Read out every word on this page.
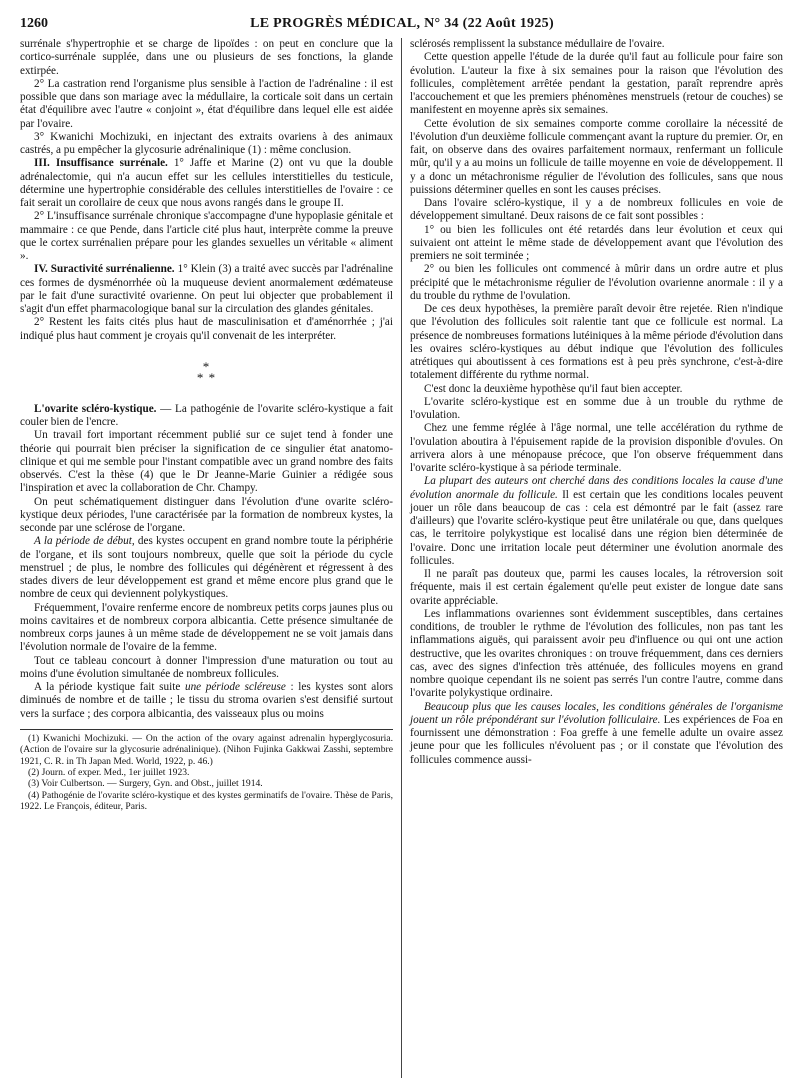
1260	LE PROGRÈS MÉDICAL, N° 34 (22 Août 1925)

surrénale s'hypertrophie et se charge de lipoïdes : on peut en conclure que la cortico-surrénale supplée, dans une ou plusieurs de ses fonctions, la glande extirpée.

2° La castration rend l'organisme plus sensible à l'action de l'adrénaline : il est possible que dans son mariage avec la médullaire, la corticale soit dans un certain état d'équilibre avec l'autre « conjoint », état d'équilibre dans lequel elle est aidée par l'ovaire.

3° Kwanichi Mochizuki, en injectant des extraits ovariens à des animaux castrés, a pu empêcher la glycosurie adrénalinique (1) : même conclusion.

III. Insuffisance surrénale. 1° Jaffe et Marine (2) ont vu que la double adrénalectomie, qui n'a aucun effet sur les cellules interstitielles du testicule, détermine une hypertrophie considérable des cellules interstitielles de l'ovaire : ce fait serait un corollaire de ceux que nous avons rangés dans le groupe II.

2° L'insuffisance surrénale chronique s'accompagne d'une hypoplasie génitale et mammaire : ce que Pende, dans l'article cité plus haut, interprète comme la preuve que le cortex surrénalien prépare pour les glandes sexuelles un véritable « aliment ».

IV. Suractivité surrénalienne. 1° Klein (3) a traité avec succès par l'adrénaline ces formes de dysménorrhée où la muqueuse devient anormalement œdémateuse par le fait d'une suractivité ovarienne. On peut lui objecter que probablement il s'agit d'un effet pharmacologique banal sur la circulation des glandes génitales.

2° Restent les faits cités plus haut de masculinisation et d'aménorrhée ; j'ai indiqué plus haut comment je croyais qu'il convenait de les interpréter.

*
* *

L'ovarite scléro-kystique. — La pathogénie de l'ovarite scléro-kystique a fait couler bien de l'encre.

Un travail fort important récemment publié sur ce sujet tend à fonder une théorie qui pourrait bien préciser la signification de ce singulier état anatomo-clinique et qui me semble pour l'instant compatible avec un grand nombre des faits observés. C'est la thèse (4) que le Dr Jeanne-Marie Guinier a rédigée sous l'inspiration et avec la collaboration de Chr. Champy.

On peut schématiquement distinguer dans l'évolution d'une ovarite scléro-kystique deux périodes, l'une caractérisée par la formation de nombreux kystes, la seconde par une sclérose de l'organe.

A la période de début, des kystes occupent en grand nombre toute la périphérie de l'organe, et ils sont toujours nombreux, quelle que soit la période du cycle menstruel ; de plus, le nombre des follicules qui dégénèrent et régressent à des stades divers de leur développement est grand et même encore plus grand que le nombre de ceux qui deviennent polykystiques.

Fréquemment, l'ovaire renferme encore de nombreux petits corps jaunes plus ou moins cavitaires et de nombreux corpora albicantia. Cette présence simultanée de nombreux corps jaunes à un même stade de développement ne se voit jamais dans l'évolution normale de l'ovaire de la femme.

Tout ce tableau concourt à donner l'impression d'une maturation ou tout au moins d'une évolution simultanée de nombreux follicules.

A la période kystique fait suite une période scléreuse : les kystes sont alors diminués de nombre et de taille ; le tissu du stroma ovarien s'est densifié surtout vers la surface ; des corpora albicantia, des vaisseaux plus ou moins

(1) Kwanichi Mochizuki. — On the action of the ovary against adrenalin hyperglycosuria. (Action de l'ovaire sur la glycosurie adrénalinique). (Nihon Fujinka Gakkwai Zasshi, septembre 1921, C. R. in Th Japan Med. World, 1922, p. 46.)

(2) Journ. of exper. Med., 1er juillet 1923.

(3) Voir Culbertson. — Surgery, Gyn. and Obst., juillet 1914.

(4) Pathogénie de l'ovarite scléro-kystique et des kystes germinatifs de l'ovaire. Thèse de Paris, 1922. Le François, éditeur, Paris.

sclérosés remplissent la substance médullaire de l'ovaire.

Cette question appelle l'étude de la durée qu'il faut au follicule pour faire son évolution. L'auteur la fixe à six semaines pour la raison que l'évolution des follicules, complètement arrêtée pendant la gestation, paraît reprendre après l'accouchement et que les premiers phénomènes menstruels (retour de couches) se manifestent en moyenne après six semaines.

Cette évolution de six semaines comporte comme corollaire la nécessité de l'évolution d'un deuxième follicule commençant avant la rupture du premier. Or, en fait, on observe dans des ovaires parfaitement normaux, renfermant un follicule mûr, qu'il y a au moins un follicule de taille moyenne en voie de développement. Il y a donc un métachronisme régulier de l'évolution des follicules, sans que nous puissions déterminer quelles en sont les causes précises.

Dans l'ovaire scléro-kystique, il y a de nombreux follicules en voie de développement simultané. Deux raisons de ce fait sont possibles :

1° ou bien les follicules ont été retardés dans leur évolution et ceux qui suivaient ont atteint le même stade de développement avant que l'évolution des premiers ne soit terminée ;

2° ou bien les follicules ont commencé à mûrir dans un ordre autre et plus précipité que le métachronisme régulier de l'évolution ovarienne anormale : il y a du trouble du rythme de l'ovulation.

De ces deux hypothèses, la première paraît devoir être rejetée. Rien n'indique que l'évolution des follicules soit ralentie tant que ce follicule est normal. La présence de nombreuses formations lutéiniques à la même période d'évolution dans les ovaires scléro-kystiques au début indique que l'évolution des follicules atrétiques qui aboutissent à ces formations est à peu près synchrone, c'est-à-dire totalement différente du rythme normal.

C'est donc la deuxième hypothèse qu'il faut bien accepter.

L'ovarite scléro-kystique est en somme due à un trouble du rythme de l'ovulation.

Chez une femme réglée à l'âge normal, une telle accélération du rythme de l'ovulation aboutira à l'épuisement rapide de la provision disponible d'ovules. On arrivera alors à une ménopause précoce, que l'on observe fréquemment dans l'ovarite scléro-kystique à sa période terminale.

La plupart des auteurs ont cherché dans des conditions locales la cause d'une évolution anormale du follicule. Il est certain que les conditions locales peuvent jouer un rôle dans beaucoup de cas : cela est démontré par le fait (assez rare d'ailleurs) que l'ovarite scléro-kystique peut être unilatérale ou que, dans quelques cas, le territoire polykystique est localisé dans une région bien déterminée de l'ovaire. Donc une irritation locale peut déterminer une évolution anormale des follicules.

Il ne paraît pas douteux que, parmi les causes locales, la rétroversion soit fréquente, mais il est certain également qu'elle peut exister de longue date sans ovarite appréciable.

Les inflammations ovariennes sont évidemment susceptibles, dans certaines conditions, de troubler le rythme de l'évolution des follicules, non pas tant les inflammations aiguës, qui paraissent avoir peu d'influence ou qui ont une action destructive, que les ovarites chroniques : on trouve fréquemment, dans ces derniers cas, avec des signes d'infection très atténuée, des follicules moyens en grand nombre quoique cependant ils ne soient pas serrés l'un contre l'autre, comme dans l'ovarite polykystique ordinaire.

Beaucoup plus que les causes locales, les conditions générales de l'organisme jouent un rôle prépondérant sur l'évolution folliculaire. Les expériences de Foa en fournissent une démonstration : Foa greffe à une femelle adulte un ovaire assez jeune pour que les follicules n'évoluent pas ; or il constate que l'évolution des follicules commence aussi-
